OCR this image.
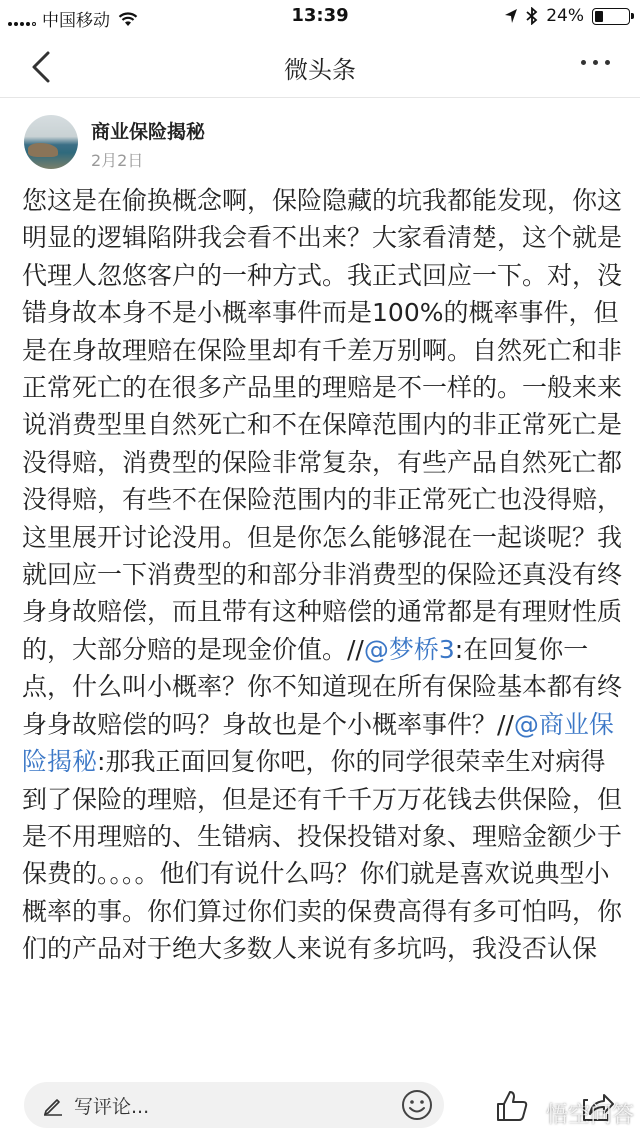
中国移动	13:39	24%
微头条
商业保险揭秘
2月2日
您这是在偷换概念啊，保险隐藏的坑我都能发现，你这明显的逻辑陷阱我会看不出来？大家看清楚，这个就是代理人忽悠客户的一种方式。我正式回应一下。对，没错身故本身不是小概率事件而是100%的概率事件，但是在身故理赔在保险里却有千差万别啊。自然死亡和非正常死亡的在很多产品里的理赔是不一样的。一般来来说消费型里自然死亡和不在保障范围内的非正常死亡是没得赔，消费型的保险非常复杂，有些产品自然死亡都没得赔，有些不在保险范围内的非正常死亡也没得赔，这里展开讨论没用。但是你怎么能够混在一起谈呢？我就回应一下消费型的和部分非消费型的保险还真没有终身身故赔偿，而且带有这种赔偿的通常都是有理财性质的，大部分赔的是现金价值。//@梦桥3:在回复你一点，什么叫小概率？你不知道现在所有保险基本都有终身身故赔偿的吗？身故也是个小概率事件？//@商业保险揭秘:那我正面回复你吧，你的同学很荣幸生对病得到了保险的理赔，但是还有千千万万花钱去供保险，但是不用理赔的、生错病、投保投错对象、理赔金额少于保费的。。。。他们有说什么吗？你们就是喜欢说典型小概率的事。你们算过你们卖的保费高得有多可怕吗，你们的产品对于绝大多数人来说有多坑吗，我没否认保
写评论...	悟空问答
